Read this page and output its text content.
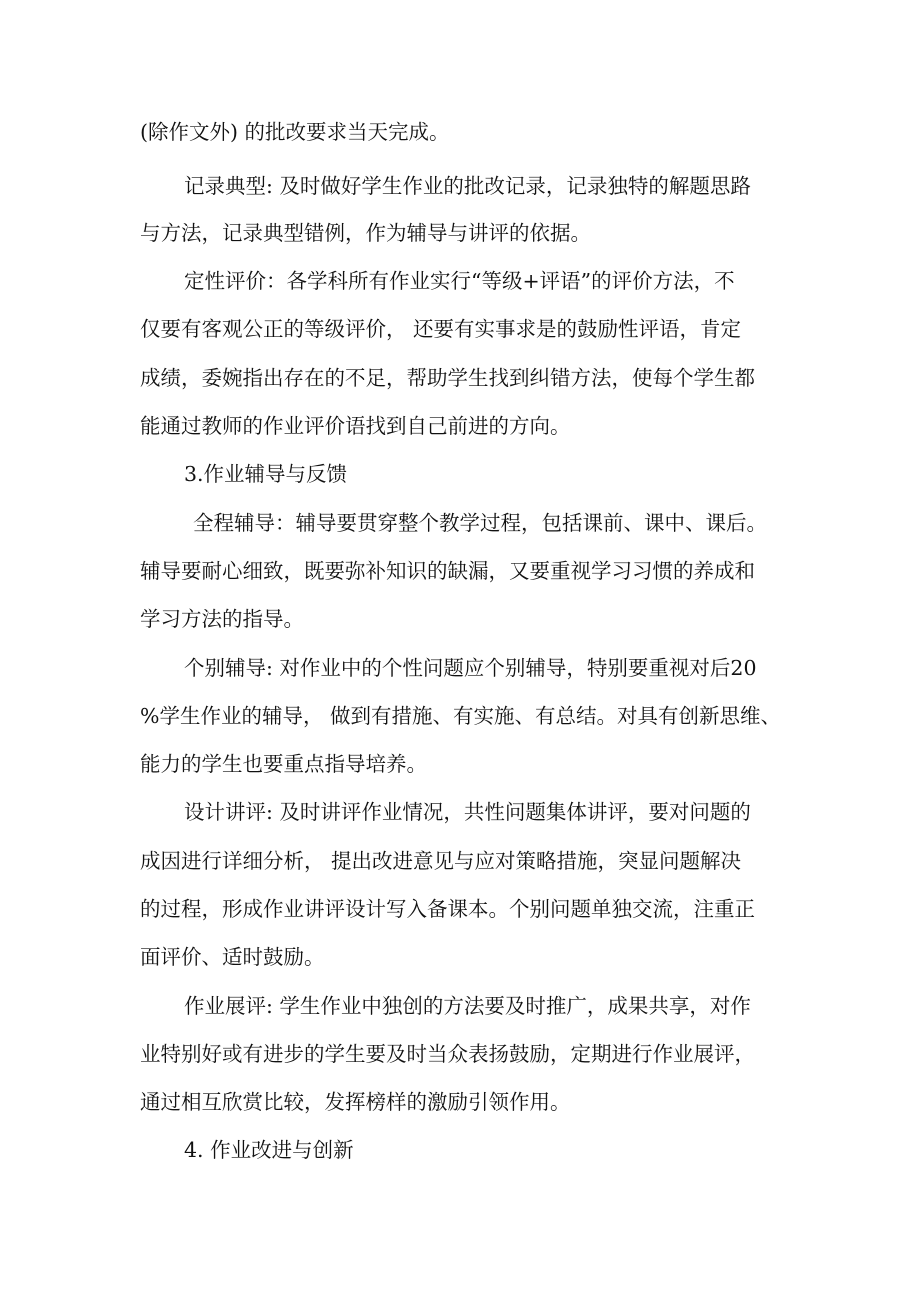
(除作文外) 的批改要求当天完成。
记录典型: 及时做好学生作业的批改记录，记录独特的解题思路
与方法，记录典型错例，作为辅导与讲评的依据。
定性评价：各学科所有作业实行“等级+评语”的评价方法，不
仅要有客观公正的等级评价， 还要有实事求是的鼓励性评语，肯定
成绩，委婉指出存在的不足，帮助学生找到纠错方法，使每个学生都
能通过教师的作业评价语找到自己前进的方向。
3.作业辅导与反馈
全程辅导：辅导要贯穿整个教学过程，包括课前、课中、课后。
辅导要耐心细致，既要弥补知识的缺漏，又要重视学习习惯的养成和
学习方法的指导。
个别辅导: 对作业中的个性问题应个别辅导，特别要重视对后20
%学生作业的辅导， 做到有措施、有实施、有总结。对具有创新思维、
能力的学生也要重点指导培养。
设计讲评: 及时讲评作业情况，共性问题集体讲评，要对问题的
成因进行详细分析， 提出改进意见与应对策略措施，突显问题解决
的过程，形成作业讲评设计写入备课本。个别问题单独交流，注重正
面评价、适时鼓励。
作业展评: 学生作业中独创的方法要及时推广，成果共享，对作
业特别好或有进步的学生要及时当众表扬鼓励，定期进行作业展评，
通过相互欣赏比较，发挥榜样的激励引领作用。
4. 作业改进与创新
